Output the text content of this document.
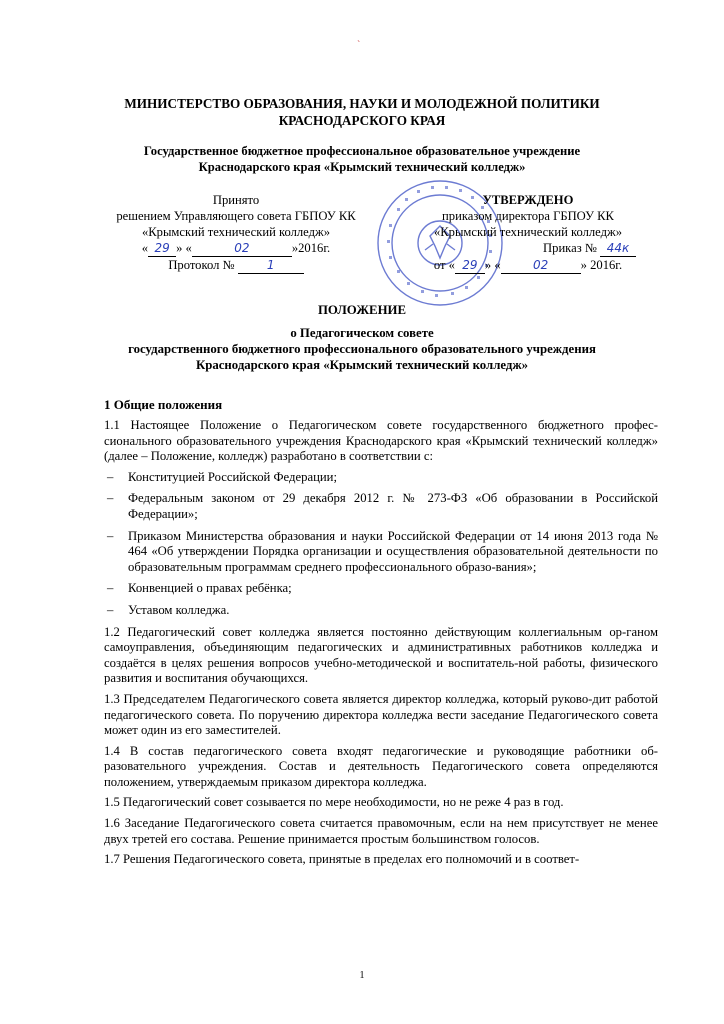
`
МИНИСТЕРСТВО ОБРАЗОВАНИЯ, НАУКИ И МОЛОДЕЖНОЙ ПОЛИТИКИ
КРАСНОДАРСКОГО КРАЯ
Государственное бюджетное профессиональное образовательное учреждение
Краснодарского края «Крымский технический колледж»
Принято
решением Управляющего совета ГБПОУ КК
«Крымский технический колледж»
« 29 » «	02	»2016г.
Протокол №	1
УТВЕРЖДЕНО
приказом директора ГБПОУ КК
«Крымский технический колледж»
Приказ № 44к
от « 29 » «	02	» 2016г.
ПОЛОЖЕНИЕ
о Педагогическом совете
государственного бюджетного профессионального образовательного учреждения
Краснодарского края «Крымский технический колледж»
1 Общие положения

1.1 Настоящее Положение о Педагогическом совете государственного бюджетного профес-сионального образовательного учреждения Краснодарского края «Крымский технический колледж» (далее – Положение, колледж) разработано в соответствии с:

– Конституцией Российской Федерации;
– Федеральным законом от 29 декабря 2012 г. № 273-ФЗ «Об образовании в Российской Федерации»;
– Приказом Министерства образования и науки Российской Федерации от 14 июня 2013 года № 464 «Об утверждении Порядка организации и осуществления образовательной деятельности по образовательным программам среднего профессионального образо-вания»;
– Конвенцией о правах ребёнка;
– Уставом колледжа.

1.2 Педагогический совет колледжа является постоянно действующим коллегиальным ор-ганом самоуправления, объединяющим педагогических и административных работников колледжа и создаётся в целях решения вопросов учебно-методической и воспитатель-ной работы, физического развития и воспитания обучающихся.

1.3 Председателем Педагогического совета является директор колледжа, который руково-дит работой педагогического совета. По поручению директора колледжа вести заседание Педагогического совета может один из его заместителей.

1.4 В состав педагогического совета входят педагогические и руководящие работники об-разовательного учреждения. Состав и деятельность Педагогического совета определяются положением, утверждаемым приказом директора колледжа.

1.5 Педагогический совет созывается по мере необходимости, но не реже 4 раз в год.

1.6 Заседание Педагогического совета считается правомочным, если на нем присутствует не менее двух третей его состава. Решение принимается простым большинством голосов.

1.7 Решения Педагогического совета, принятые в пределах его полномочий и в соответ-

1
